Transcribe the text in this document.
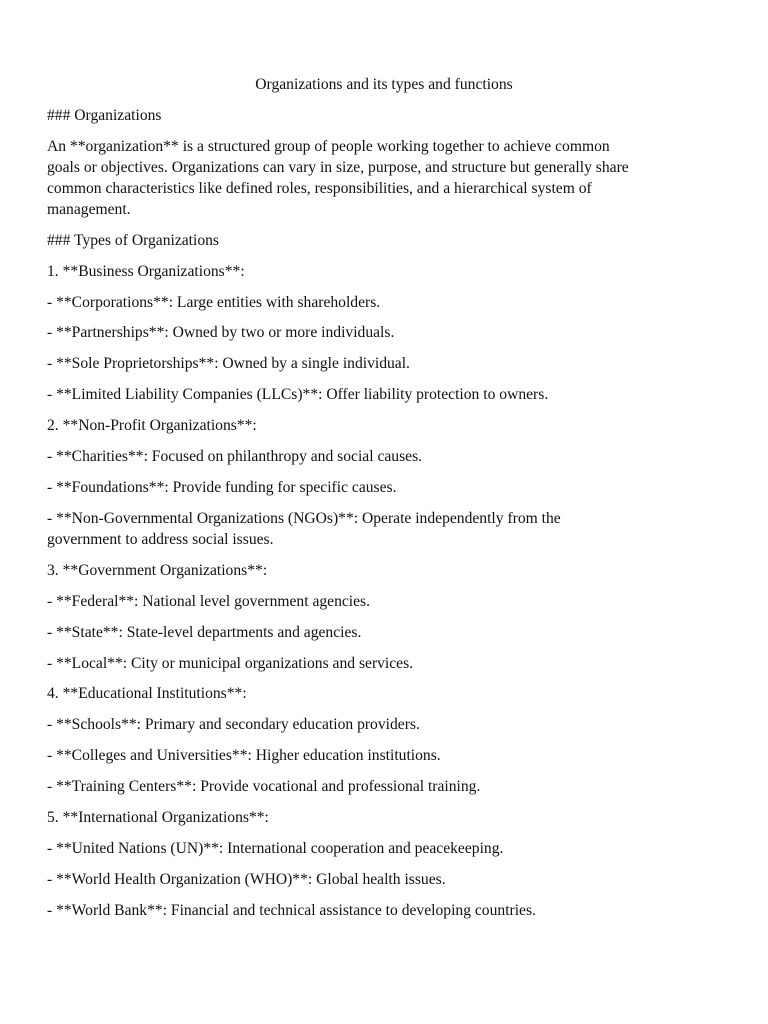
Organizations and its types and functions
### Organizations
An **organization** is a structured group of people working together to achieve common
goals or objectives. Organizations can vary in size, purpose, and structure but generally share
common characteristics like defined roles, responsibilities, and a hierarchical system of
management.
### Types of Organizations
1. **Business Organizations**:
- **Corporations**: Large entities with shareholders.
- **Partnerships**: Owned by two or more individuals.
- **Sole Proprietorships**: Owned by a single individual.
- **Limited Liability Companies (LLCs)**: Offer liability protection to owners.
2. **Non-Profit Organizations**:
- **Charities**: Focused on philanthropy and social causes.
- **Foundations**: Provide funding for specific causes.
- **Non-Governmental Organizations (NGOs)**: Operate independently from the
government to address social issues.
3. **Government Organizations**:
- **Federal**: National level government agencies.
- **State**: State-level departments and agencies.
- **Local**: City or municipal organizations and services.
4. **Educational Institutions**:
- **Schools**: Primary and secondary education providers.
- **Colleges and Universities**: Higher education institutions.
- **Training Centers**: Provide vocational and professional training.
5. **International Organizations**:
- **United Nations (UN)**: International cooperation and peacekeeping.
- **World Health Organization (WHO)**: Global health issues.
- **World Bank**: Financial and technical assistance to developing countries.
